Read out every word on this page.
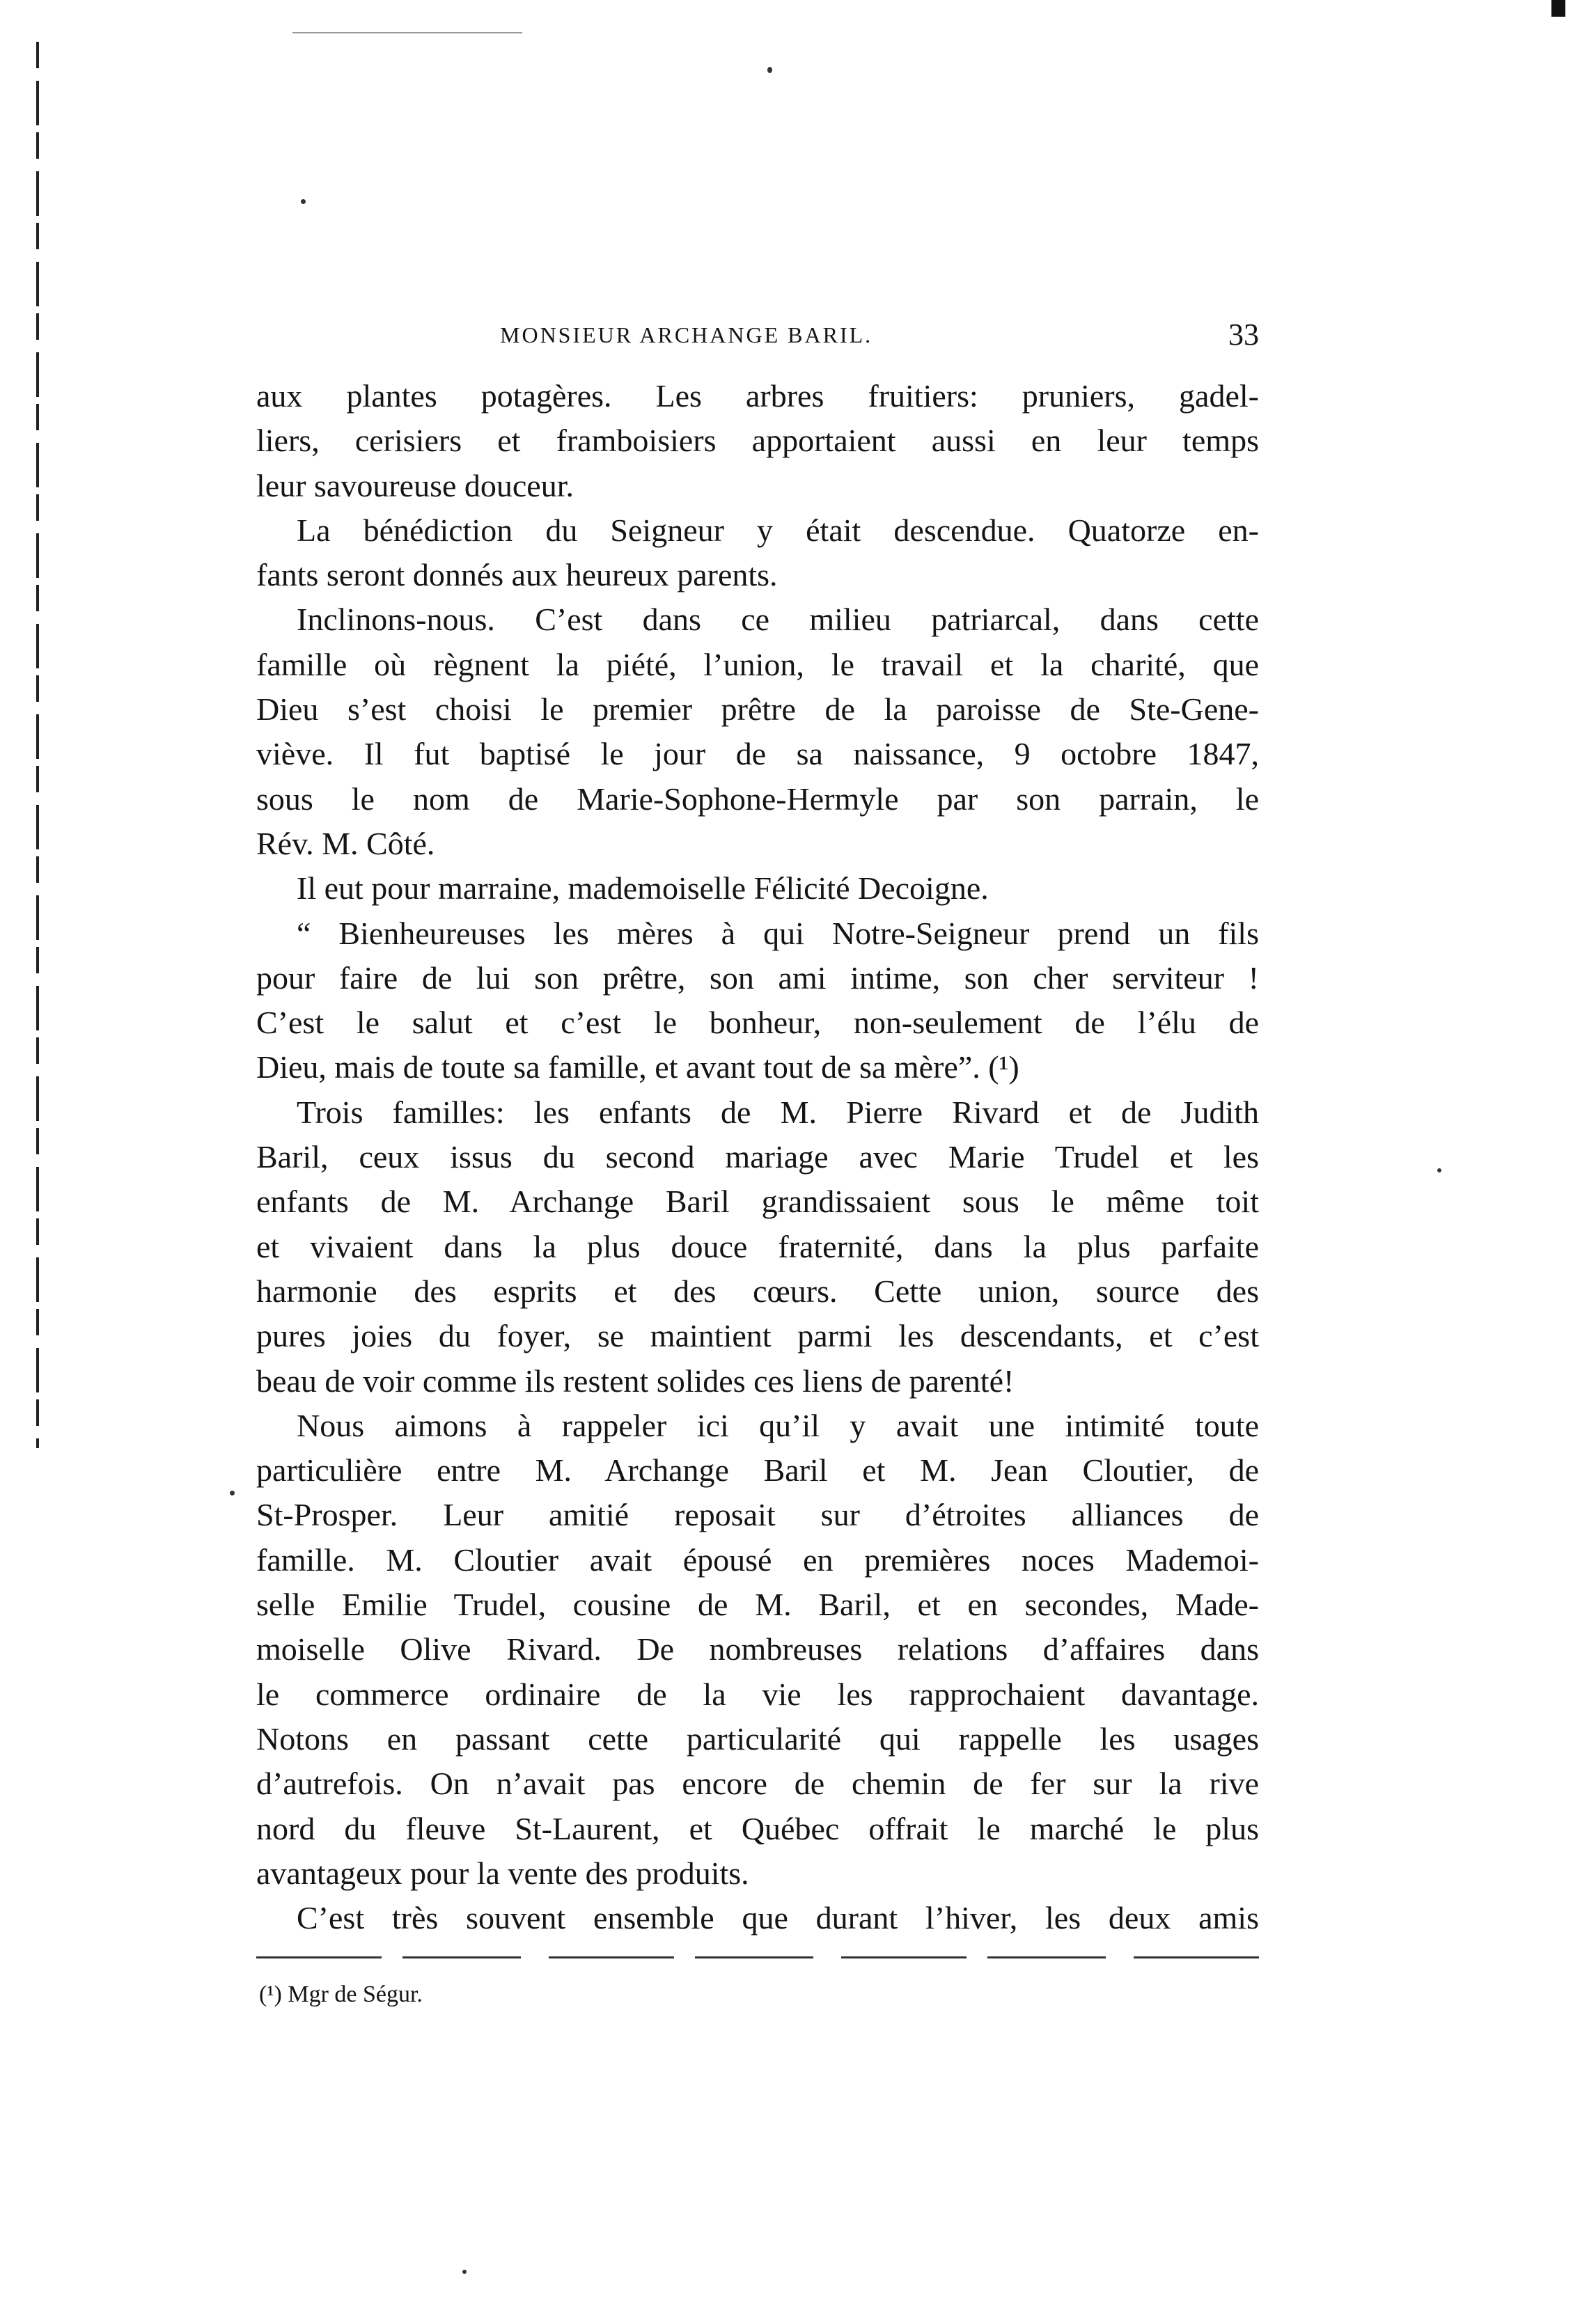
MONSIEUR ARCHANGE BARIL.	33
aux plantes potagères. Les arbres fruitiers: pruniers, gadel-
liers, cerisiers et framboisiers apportaient aussi en leur temps
leur savoureuse douceur.
La bénédiction du Seigneur y était descendue. Quatorze en-
fants seront donnés aux heureux parents.
Inclinons-nous. C’est dans ce milieu patriarcal, dans cette
famille où règnent la piété, l’union, le travail et la charité, que
Dieu s’est choisi le premier prêtre de la paroisse de Ste-Gene-
viève. Il fut baptisé le jour de sa naissance, 9 octobre 1847,
sous le nom de Marie-Sophone-Hermyle par son parrain, le
Rév. M. Côté.
Il eut pour marraine, mademoiselle Félicité Decoigne.
“ Bienheureuses les mères à qui Notre-Seigneur prend un fils
pour faire de lui son prêtre, son ami intime, son cher serviteur !
C’est le salut et c’est le bonheur, non-seulement de l’élu de
Dieu, mais de toute sa famille, et avant tout de sa mère”. (¹)
Trois familles: les enfants de M. Pierre Rivard et de Judith
Baril, ceux issus du second mariage avec Marie Trudel et les
enfants de M. Archange Baril grandissaient sous le même toit
et vivaient dans la plus douce fraternité, dans la plus parfaite
harmonie des esprits et des cœurs. Cette union, source des
pures joies du foyer, se maintient parmi les descendants, et c’est
beau de voir comme ils restent solides ces liens de parenté!
Nous aimons à rappeler ici qu’il y avait une intimité toute
particulière entre M. Archange Baril et M. Jean Cloutier, de
St-Prosper. Leur amitié reposait sur d’étroites alliances de
famille. M. Cloutier avait épousé en premières noces Mademoi-
selle Emilie Trudel, cousine de M. Baril, et en secondes, Made-
moiselle Olive Rivard. De nombreuses relations d’affaires dans
le commerce ordinaire de la vie les rapprochaient davantage.
Notons en passant cette particularité qui rappelle les usages
d’autrefois. On n’avait pas encore de chemin de fer sur la rive
nord du fleuve St-Laurent, et Québec offrait le marché le plus
avantageux pour la vente des produits.
C’est très souvent ensemble que durant l’hiver, les deux amis
(¹) Mgr de Ségur.
